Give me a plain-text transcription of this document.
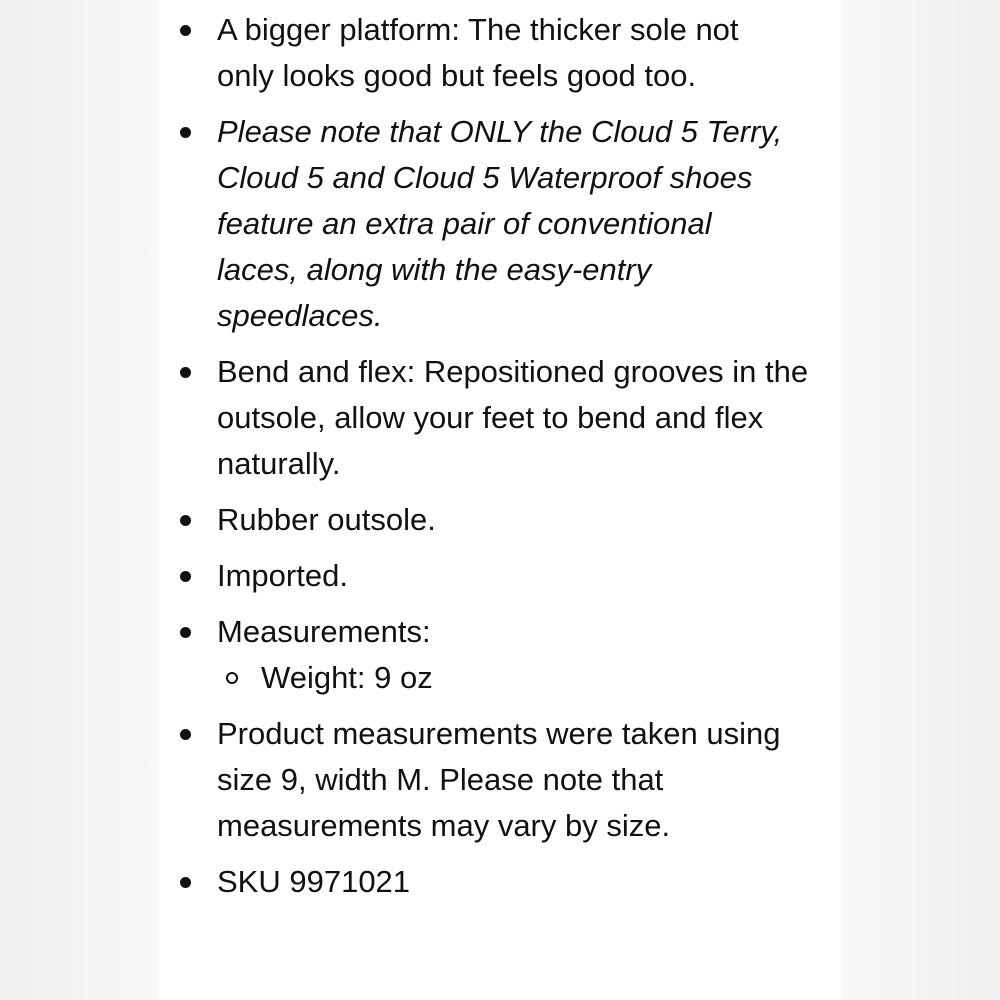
A bigger platform: The thicker sole not only looks good but feels good too.
Please note that ONLY the Cloud 5 Terry, Cloud 5 and Cloud 5 Waterproof shoes feature an extra pair of conventional laces, along with the easy-entry speedlaces.
Bend and flex: Repositioned grooves in the outsole, allow your feet to bend and flex naturally.
Rubber outsole.
Imported.
Measurements:
Weight: 9 oz
Product measurements were taken using size 9, width M. Please note that measurements may vary by size.
SKU 9971021
